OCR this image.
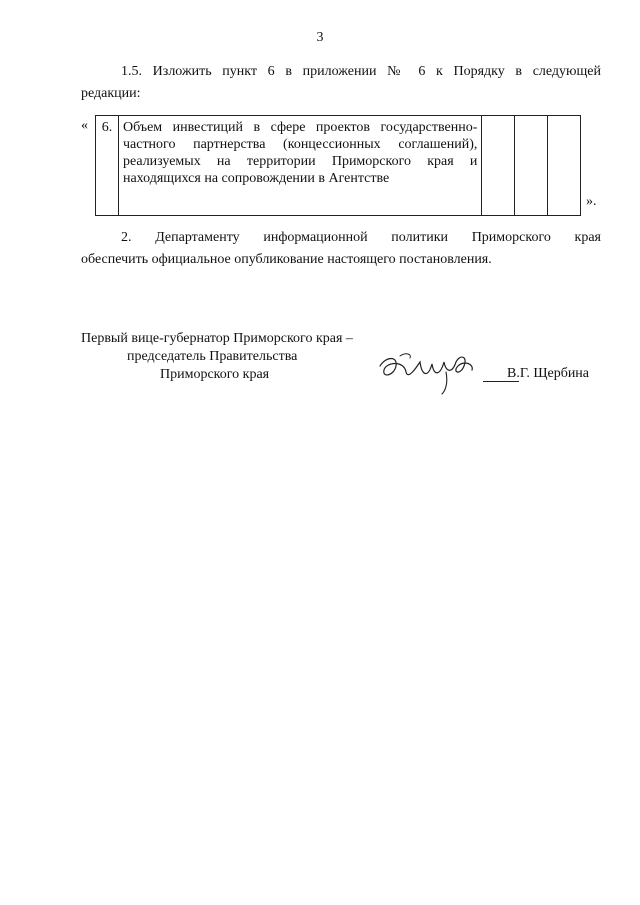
3
1.5. Изложить пункт 6 в приложении № 6 к Порядку в следующей
редакции:
« 6.	Объем инвестиций в сфере проектов государственно-частного партнерства (концессионных соглашений), реализуемых на территории Приморского края и находящихся на сопровождении в Агентстве			
».
2. Департаменту информационной политики Приморского края
обеспечить официальное опубликование настоящего постановления.
Первый вице-губернатор Приморского края –
председатель Правительства
Приморского края	В.Г. Щербина
